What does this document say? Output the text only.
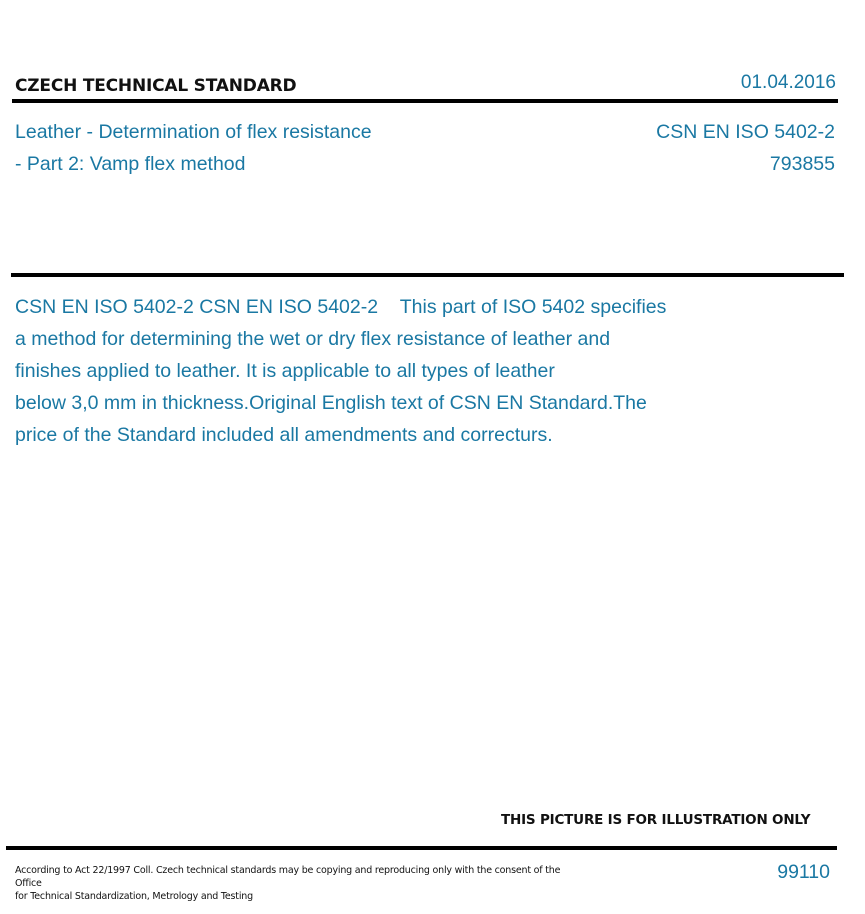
CZECH TECHNICAL STANDARD	01.04.2016
Leather - Determination of flex resistance
- Part 2: Vamp flex method
CSN EN ISO 5402-2
793855
CSN EN ISO 5402-2 CSN EN ISO 5402-2    This part of ISO 5402 specifies
a method for determining the wet or dry flex resistance of leather and
finishes applied to leather. It is applicable to all types of leather
below 3,0 mm in thickness.Original English text of CSN EN Standard.The
price of the Standard included all amendments and correcturs.
THIS PICTURE IS FOR ILLUSTRATION ONLY
According to Act 22/1997 Coll. Czech technical standards may be copying and reproducing only with the consent of the Office
for Technical Standardization, Metrology and Testing
99110
